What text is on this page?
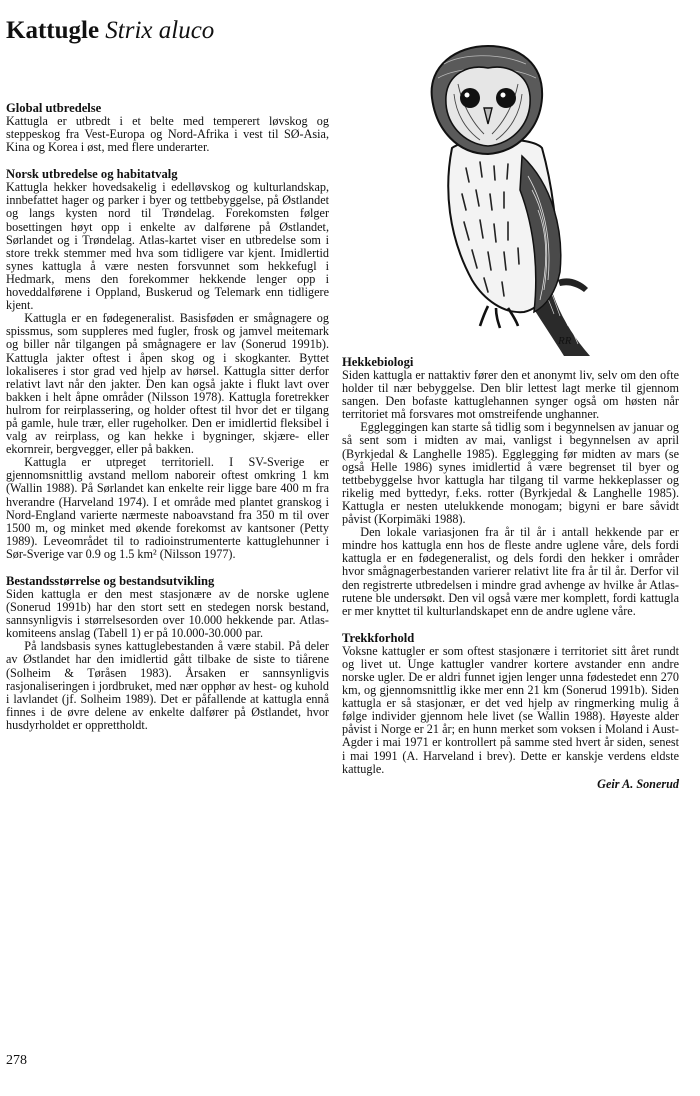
Kattugle Strix aluco
RR
Global utbredelse

Kattugla er utbredt i et belte med temperert løvskog og steppeskog fra Vest-Europa og Nord-Afrika i vest til SØ-Asia, Kina og Korea i øst, med flere underarter.

Norsk utbredelse og habitatvalg

Kattugla hekker hovedsakelig i edelløvskog og kulturlandskap, innbefattet hager og parker i byer og tettbebyggelse, på Østlandet og langs kysten nord til Trøndelag. Forekomsten følger bosettingen høyt opp i enkelte av dalførene på Østlandet, Sørlandet og i Trøndelag. Atlas-kartet viser en utbredelse som i store trekk stemmer med hva som tidligere var kjent. Imidlertid synes kattugla å være nesten forsvunnet som hekkefugl i Hedmark, mens den forekommer hekkende lenger opp i hoveddalførene i Oppland, Buskerud og Telemark enn tidligere kjent.

Kattugla er en fødegeneralist. Basisføden er smågnagere og spissmus, som suppleres med fugler, frosk og jamvel meitemark og biller når tilgangen på smågnagere er lav (Sonerud 1991b). Kattugla jakter oftest i åpen skog og i skogkanter. Byttet lokaliseres i stor grad ved hjelp av hørsel. Kattugla sitter derfor relativt lavt når den jakter. Den kan også jakte i flukt lavt over bakken i helt åpne områder (Nilsson 1978). Kattugla foretrekker hulrom for reirplassering, og holder oftest til hvor det er tilgang på gamle, hule trær, eller rugeholker. Den er imidlertid fleksibel i valg av reirplass, og kan hekke i bygninger, skjære- eller ekornreir, bergvegger, eller på bakken.

Kattugla er utpreget territoriell. I SV-Sverige er gjennomsnittlig avstand mellom naboreir oftest omkring 1 km (Wallin 1988). På Sørlandet kan enkelte reir ligge bare 400 m fra hverandre (Harveland 1974). I et område med plantet granskog i Nord-England varierte nærmeste naboavstand fra 350 m til over 1500 m, og minket med økende forekomst av kantsoner (Petty 1989). Leveområdet til to radioinstrumenterte kattuglehunner i Sør-Sverige var 0.9 og 1.5 km² (Nilsson 1977).

Bestandsstørrelse og bestandsutvikling

Siden kattugla er den mest stasjonære av de norske uglene (Sonerud 1991b) har den stort sett en stedegen norsk bestand, sannsynligvis i størrelsesorden over 10.000 hekkende par. Atlas-komiteens anslag (Tabell 1) er på 10.000-30.000 par.

På landsbasis synes kattuglebestanden å være stabil. På deler av Østlandet har den imidlertid gått tilbake de siste to tiårene (Solheim & Tøråsen 1983). Årsaken er sannsynligvis rasjonaliseringen i jordbruket, med nær opphør av hest- og kuhold i lavlandet (jf. Solheim 1989). Det er påfallende at kattugla ennå finnes i de øvre delene av enkelte dalfører på Østlandet, hvor husdyrholdet er opprettholdt.

Hekkebiologi

Siden kattugla er nattaktiv fører den et anonymt liv, selv om den ofte holder til nær bebyggelse. Den blir lettest lagt merke til gjennom sangen. Den bofaste kattuglehannen synger også om høsten når territoriet må forsvares mot omstreifende unghanner.

Eggleggingen kan starte så tidlig som i begynnelsen av januar og så sent som i midten av mai, vanligst i begynnelsen av april (Byrkjedal & Langhelle 1985). Egglegging før midten av mars (se også Helle 1986) synes imidlertid å være begrenset til byer og tettbebyggelse hvor kattugla har tilgang til varme hekkeplasser og rikelig med byttedyr, f.eks. rotter (Byrkjedal & Langhelle 1985). Kattugla er nesten utelukkende monogam; bigyni er bare såvidt påvist (Korpimäki 1988).

Den lokale variasjonen fra år til år i antall hekkende par er mindre hos kattugla enn hos de fleste andre uglene våre, dels fordi kattugla er en fødegeneralist, og dels fordi den hekker i områder hvor smågnagerbestanden varierer relativt lite fra år til år. Derfor vil den registrerte utbredelsen i mindre grad avhenge av hvilke år Atlas-rutene ble undersøkt. Den vil også være mer komplett, fordi kattugla er mer knyttet til kulturlandskapet enn de andre uglene våre.

Trekkforhold

Voksne kattugler er som oftest stasjonære i territoriet sitt året rundt og livet ut. Unge kattugler vandrer kortere avstander enn andre norske ugler. De er aldri funnet igjen lenger unna fødestedet enn 270 km, og gjennomsnittlig ikke mer enn 21 km (Sonerud 1991b). Siden kattugla er så stasjonær, er det ved hjelp av ringmerking mulig å følge individer gjennom hele livet (se Wallin 1988). Høyeste alder påvist i Norge er 21 år; en hunn merket som voksen i Moland i Aust-Agder i mai 1971 er kontrollert på samme sted hvert år siden, senest i mai 1991 (A. Harveland i brev). Dette er kanskje verdens eldste kattugle.

Geir A. Sonerud

278
